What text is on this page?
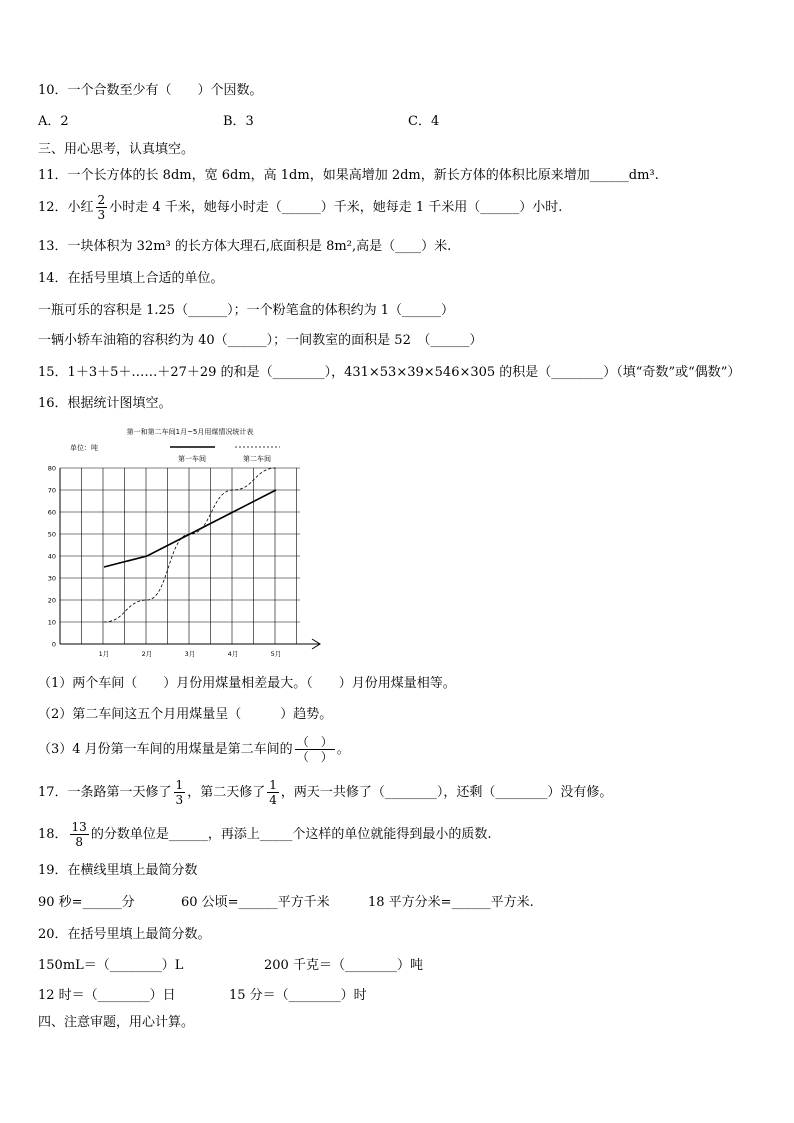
10．一个合数至少有（　　）个因数。
A．2	B．3	C．4
三、用心思考，认真填空。
11．一个长方体的长 8dm，宽 6dm，高 1dm，如果高增加 2dm，新长方体的体积比原来增加______dm³.
12．小红 $\frac{2}{3}$ 小时走 4 千米，她每小时走（______）千米，她每走 1 千米用（______）小时.
13．一块体积为 32m³ 的长方体大理石,底面积是 8m²,高是（____）米.
14．在括号里填上合适的单位。
一瓶可乐的容积是 1.25（______）；一个粉笔盒的体积约为 1（______）
一辆小轿车油箱的容积约为 40（______）；一间教室的面积是 52　（______）
15．1＋3＋5＋……＋27＋29 的和是（________），431×53×39×546×305 的积是（________）（填“奇数”或“偶数”）
16．根据统计图填空。
第一和第二车间1月~5月用煤情况统计表
单位：吨
第一车间	第二车间
0
10
20
30
40
50
60
70
80
1月	2月	3月	4月	5月
（1）两个车间（　　）月份用煤量相差最大。（　　）月份用煤量相等。
（2）第二车间这五个月用煤量呈（　　　）趋势。
（3）4 月份第一车间的用煤量是第二车间的 $\frac{( )}{( )}$ 。
17．一条路第一天修了 $\frac{1}{3}$ ，第二天修了 $\frac{1}{4}$ ，两天一共修了（________），还剩（________）没有修。
18． $\frac{13}{8}$ 的分数单位是______，再添上_____个这样的单位就能得到最小的质数.
19．在横线里填上最简分数
90 秒=______分	60 公顷=______平方千米	18 平方分米=______平方米.
20．在括号里填上最简分数。
150mL＝（________）L	200 千克＝（________）吨
12 时＝（________）日	15 分＝（________）时
四、注意审题，用心计算。
